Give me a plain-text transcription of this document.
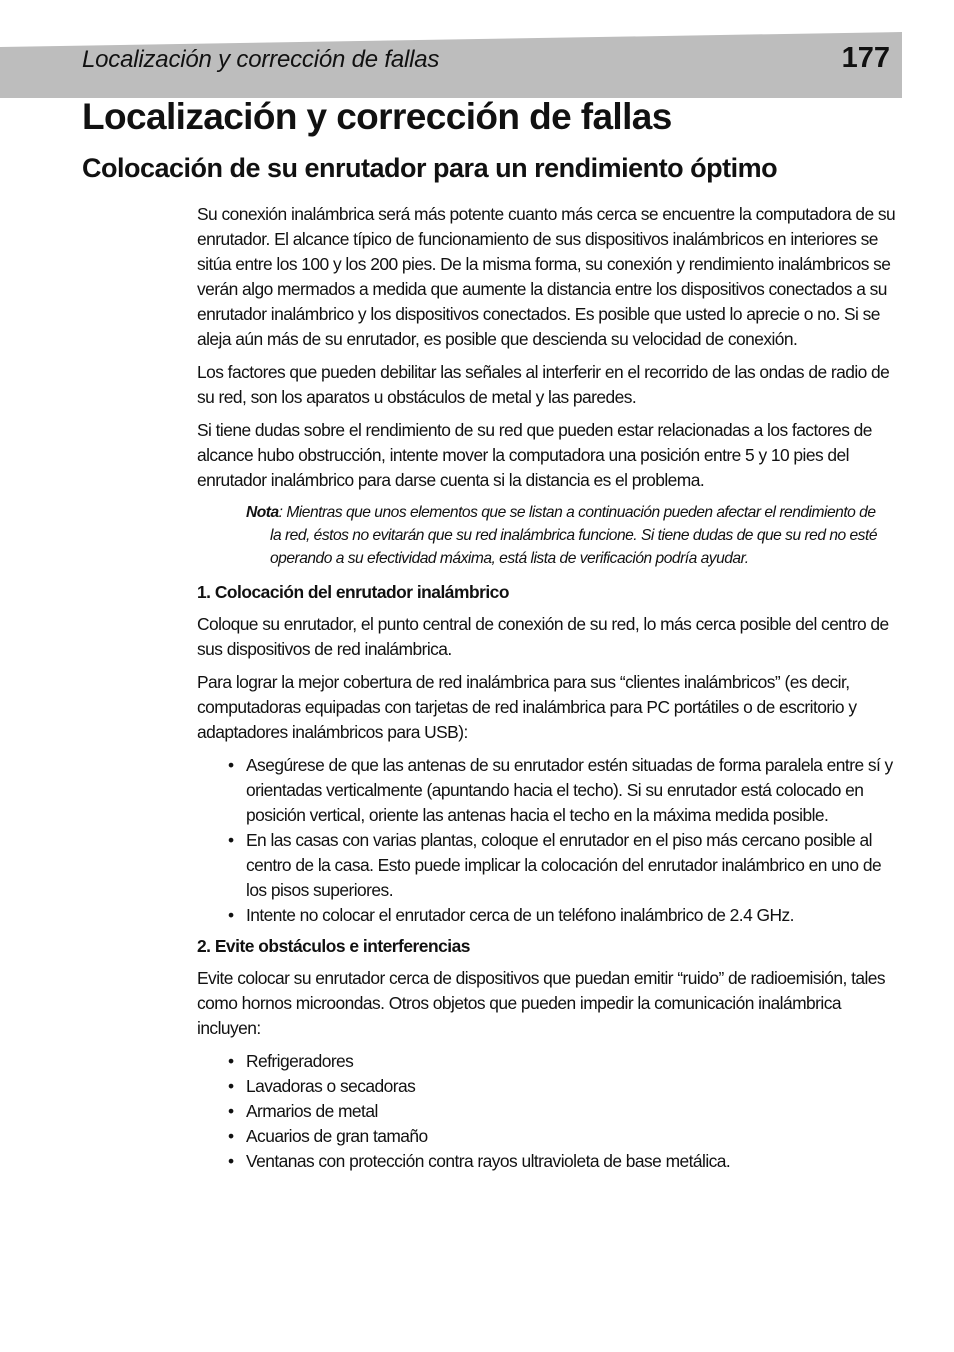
Localización y corrección de fallas	177
Localización y corrección de fallas
Colocación de su enrutador para un rendimiento óptimo

Su conexión inalámbrica será más potente cuanto más cerca se encuentre la computadora de su enrutador. El alcance típico de funcionamiento de sus dispositivos inalámbricos en interiores se sitúa entre los 100 y los 200 pies. De la misma forma, su conexión y rendimiento inalámbricos se verán algo mermados a medida que aumente la distancia entre los dispositivos conectados a su enrutador inalámbrico y los dispositivos conectados. Es posible que usted lo aprecie o no. Si se aleja aún más de su enrutador, es posible que descienda su velocidad de conexión.

Los factores que pueden debilitar las señales al interferir en el recorrido de las ondas de radio de su red, son los aparatos u obstáculos de metal y las paredes.

Si tiene dudas sobre el rendimiento de su red que pueden estar relacionadas a los factores de alcance hubo obstrucción, intente mover la computadora una posición entre 5 y 10 pies del enrutador inalámbrico para darse cuenta si la distancia es el problema.

Nota: Mientras que unos elementos que se listan a continuación pueden afectar el rendimiento de la red, éstos no evitarán que su red inalámbrica funcione. Si tiene dudas de que su red no esté operando a su efectividad máxima, está lista de verificación podría ayudar.
1. Colocación del enrutador inalámbrico

Coloque su enrutador, el punto central de conexión de su red, lo más cerca posible del centro de sus dispositivos de red inalámbrica.

Para lograr la mejor cobertura de red inalámbrica para sus “clientes inalámbricos” (es decir, computadoras equipadas con tarjetas de red inalámbrica para PC portátiles o de escritorio y adaptadores inalámbricos para USB):

• Asegúrese de que las antenas de su enrutador estén situadas de forma paralela entre sí y orientadas verticalmente (apuntando hacia el techo). Si su enrutador está colocado en posición vertical, oriente las antenas hacia el techo en la máxima medida posible.
• En las casas con varias plantas, coloque el enrutador en el piso más cercano posible al centro de la casa. Esto puede implicar la colocación del enrutador inalámbrico en uno de los pisos superiores.
• Intente no colocar el enrutador cerca de un teléfono inalámbrico de 2.4 GHz.
2. Evite obstáculos e interferencias

Evite colocar su enrutador cerca de dispositivos que puedan emitir “ruido” de radioemisión, tales como hornos microondas. Otros objetos que pueden impedir la comunicación inalámbrica incluyen:

• Refrigeradores
• Lavadoras o secadoras
• Armarios de metal
• Acuarios de gran tamaño
• Ventanas con protección contra rayos ultravioleta de base metálica.
